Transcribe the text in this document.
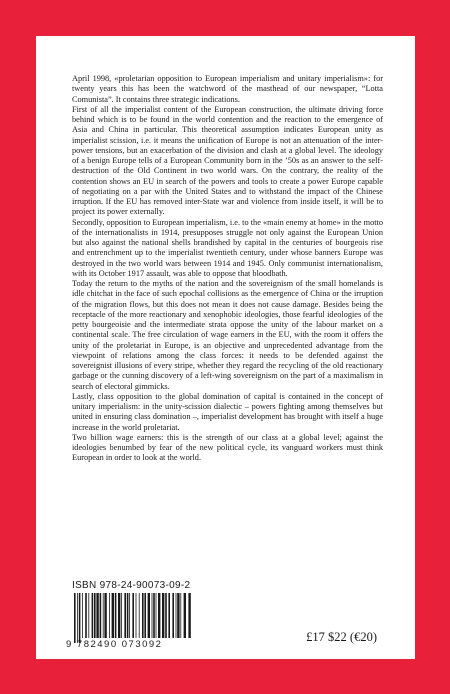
April 1998, «proletarian opposition to European imperialism and unitary imperialism»: for twenty years this has been the watchword of the masthead of our newspaper, “Lotta Comunista”. It contains three strategic indications.

First of all the imperialist content of the European construction, the ultimate driving force behind which is to be found in the world contention and the reaction to the emergence of Asia and China in particular. This theoretical assumption indicates European unity as imperialist scission, i.e. it means the unification of Europe is not an attenuation of the inter-power tensions, but an exacerbation of the division and clash at a global level. The ideology of a benign Europe tells of a European Community born in the ’50s as an answer to the self-destruction of the Old Continent in two world wars. On the contrary, the reality of the contention shows an EU in search of the powers and tools to create a power Europe capable of negotiating on a par with the United States and to withstand the impact of the Chinese irruption. If the EU has removed inter-State war and violence from inside itself, it will be to project its power externally.

Secondly, opposition to European imperialism, i.e. to the «main enemy at home» in the motto of the internationalists in 1914, presupposes struggle not only against the European Union but also against the national shells brandished by capital in the centuries of bourgeois rise and entrenchment up to the imperialist twentieth century, under whose banners Europe was destroyed in the two world wars between 1914 and 1945. Only communist internationalism, with its October 1917 assault, was able to oppose that bloodbath.

Today the return to the myths of the nation and the sovereignism of the small homelands is idle chitchat in the face of such epochal collisions as the emergence of China or the irruption of the migration flows, but this does not mean it does not cause damage. Besides being the receptacle of the more reactionary and xenophobic ideologies, those fearful ideologies of the petty bourgeoisie and the intermediate strata oppose the unity of the labour market on a continental scale. The free circulation of wage earners in the EU, with the room it offers the unity of the proletariat in Europe, is an objective and unprecedented advantage from the viewpoint of relations among the class forces: it needs to be defended against the sovereignist illusions of every stripe, whether they regard the recycling of the old reactionary garbage or the cunning discovery of a left-wing sovereignism on the part of a maximalism in search of electoral gimmicks.

Lastly, class opposition to the global domination of capital is contained in the concept of unitary imperialism: in the unity-scission dialectic – powers fighting among themselves but united in ensuring class domination –, imperialist development has brought with itself a huge increase in the world proletariat.

Two billion wage earners: this is the strength of our class at a global level; against the ideologies benumbed by fear of the new political cycle, its vanguard workers must think European in order to look at the world.

ISBN 978-24-90073-09-2
9 782490 073092
£17 $22 (€20)
